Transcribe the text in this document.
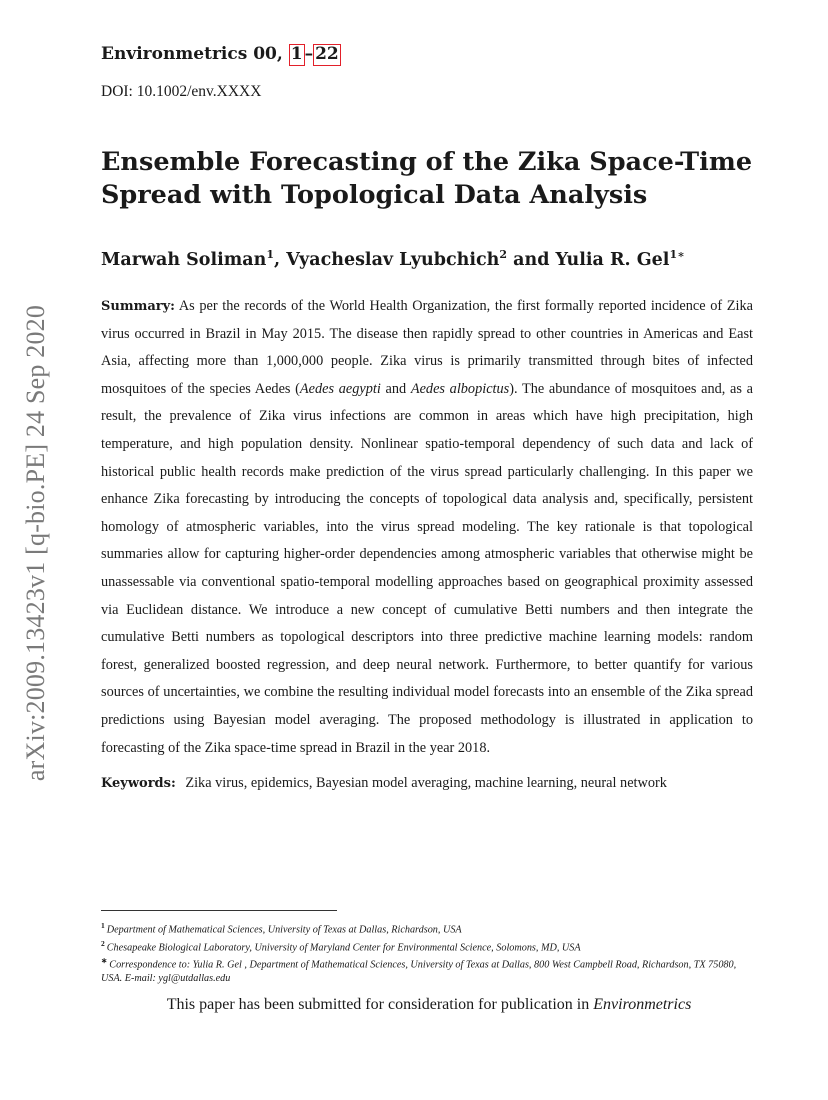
arXiv:2009.13423v1 [q-bio.PE] 24 Sep 2020
Environmetrics 00, 1 – 22
DOI: 10.1002/env.XXXX
Ensemble Forecasting of the Zika Space-Time Spread with Topological Data Analysis
Marwah Soliman$^1$, Vyacheslav Lyubchich$^2$ and Yulia R. Gel$^{1∗}$

Summary: As per the records of the World Health Organization, the first formally reported incidence of Zika virus occurred in Brazil in May 2015. The disease then rapidly spread to other countries in Americas and East Asia, affecting more than 1,000,000 people. Zika virus is primarily transmitted through bites of infected mosquitoes of the species Aedes (Aedes aegypti and Aedes albopictus). The abundance of mosquitoes and, as a result, the prevalence of Zika virus infections are common in areas which have high precipitation, high temperature, and high population density. Nonlinear spatio-temporal dependency of such data and lack of historical public health records make prediction of the virus spread particularly challenging. In this paper we enhance Zika forecasting by introducing the concepts of topological data analysis and, specifically, persistent homology of atmospheric variables, into the virus spread modeling. The key rationale is that topological summaries allow for capturing higher-order dependencies among atmospheric variables that otherwise might be unassessable via conventional spatio-temporal modelling approaches based on geographical proximity assessed via Euclidean distance. We introduce a new concept of cumulative Betti numbers and then integrate the cumulative Betti numbers as topological descriptors into three predictive machine learning models: random forest, generalized boosted regression, and deep neural network. Furthermore, to better quantify for various sources of uncertainties, we combine the resulting individual model forecasts into an ensemble of the Zika spread predictions using Bayesian model averaging. The proposed methodology is illustrated in application to forecasting of the Zika space-time spread in Brazil in the year 2018.

Keywords: Zika virus, epidemics, Bayesian model averaging, machine learning, neural network

$^1$ Department of Mathematical Sciences, University of Texas at Dallas, Richardson, USA

$^2$ Chesapeake Biological Laboratory, University of Maryland Center for Environmental Science, Solomons, MD, USA

∗ Correspondence to: Yulia R. Gel , Department of Mathematical Sciences, University of Texas at Dallas, 800 West Campbell Road, Richardson, TX 75080, USA. E-mail: ygl@utdallas.edu

This paper has been submitted for consideration for publication in Environmetrics
